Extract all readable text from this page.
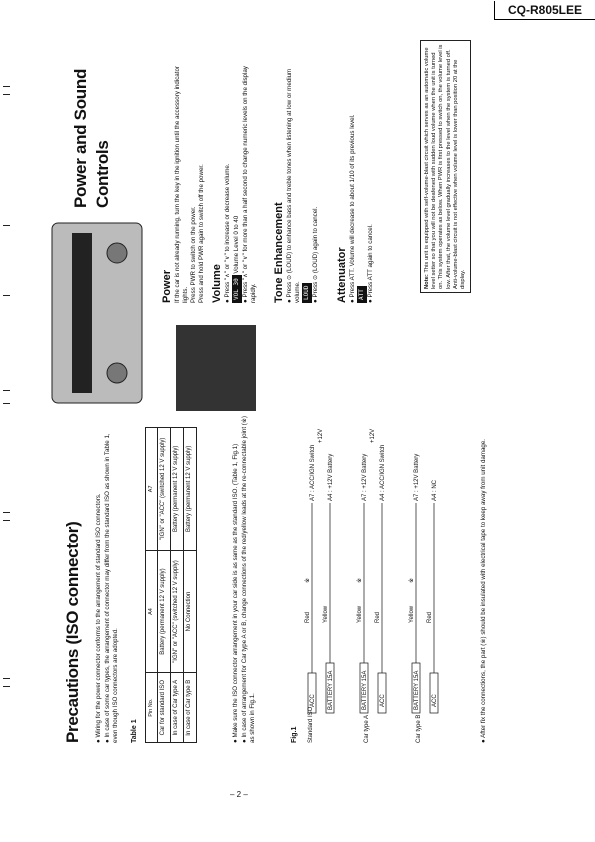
CQ-R805LEE
– 2 –
Precautions (ISO connector)	● Wiring for the power connector conforms to the arrangement of standard ISO connectors. ● In case of some car types, the arrangement of connector may differ from the standard ISO as shown in Table 1, even though ISO connectors are adopted. Table 1
Pin No.	A4	A7
Car for standard ISO	Battery (permanent 12 V supply)	"IGN" or "ACC" (switched 12 V supply)
In case of Car type A	"IGN" or "ACC" (switched 12 V supply)	Battery (permanent 12 V supply)
In case of Car type B	No Connection	Battery (permanent 12 V supply)	● Make sure the ISO connector arrangement in your car side is as same as the standard ISO. (Table 1, Fig.1) ● In case of arrangement for Car type A or B, change connections of the red/yellow leads at the re-connectable joint (※) as shown in Fig.1.	Fig.1 Standard ISO
ACC BATTERY 15A
Red Yellow
※
A7 : ACC/IGN Switch A4 : +12V Battery
+12V
Car type A
BATTERY 15A ACC
Yellow Red
※
A7 : +12V Battery A4 : ACC/IGN Switch
+12V
Car type B
BATTERY 15A ACC
Yellow Red
※
A7 : +12V Battery A4 : NC	● After fix the connections, the part (※) should be insulated with electrical tape to keep away from unit damage.
Power and Sound Controls
Power If the car is not already running, turn the key in the ignition until the accessory indicator lights. Press PWR to switch on the power. Press and hold PWR again to switch off the power. Volume ● Press "∧" or "∨" to increase or decrease volume. VOL 30 Volume Level 0 to 40 ● Press "∧" or "∨" for more than a half second to change numeric levels on the display rapidly. Tone Enhancement ● Press ⊙ (LOUD) to enhance bass and treble tones when listening at low or medium volume. LOUD ● Press ⊙ (LOUD) again to cancel. Attenuator ● Press ATT. Volume will decrease to about 1/10 of its previous level. ATT ● Press ATT again to cancel.	Note: This unit is equipped with self-volume-blast circuit which serves as an automatic volume level setter so that you will not be deafened with sudden loud volume when the unit is turned on. This system operates as below. When PWR is first pressed to switch on, the volume level is low. After that, the volume level gradually increases to the level when the system is turned off. Anti-volume-blast circuit is not effective when volume level is lower than position 20 at the display.
